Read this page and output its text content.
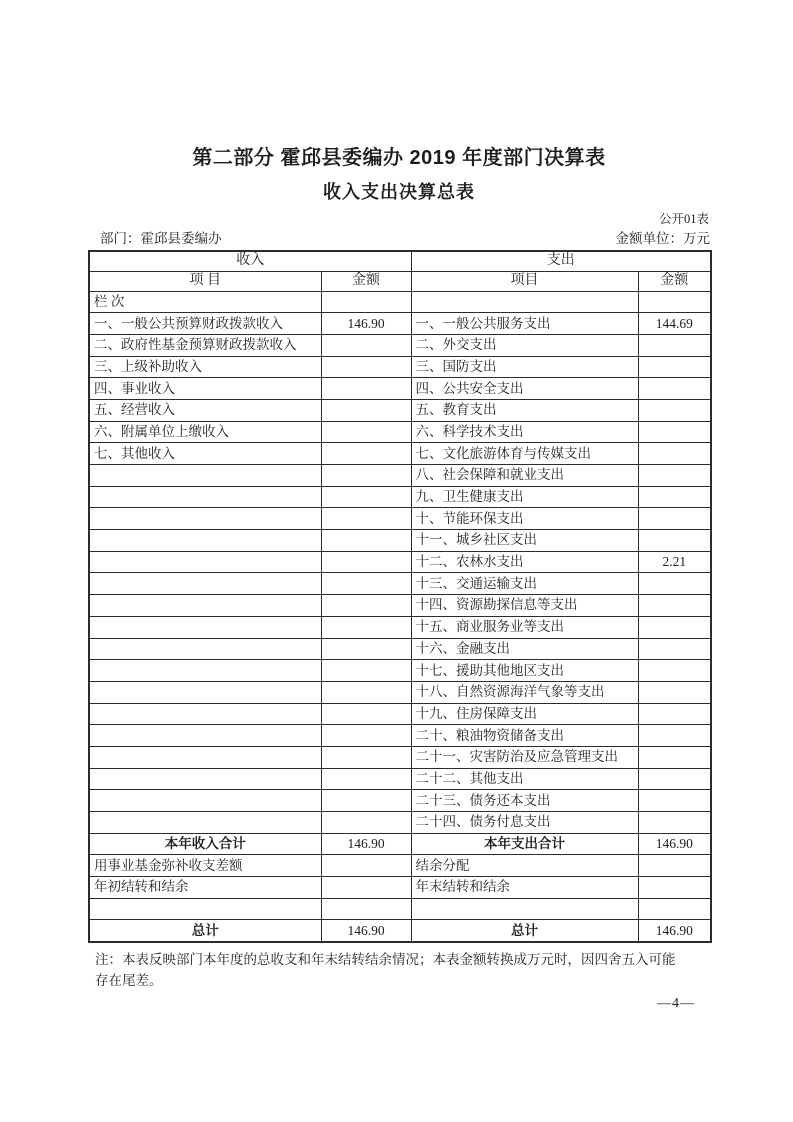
第二部分 霍邱县委编办 2019 年度部门决算表
收入支出决算总表
公开01表
部门：霍邱县委编办	金额单位：万元
收入		支出	
项 目	金额	项目	金额
栏 次			
一、一般公共预算财政拨款收入	146.90	一、一般公共服务支出	144.69
二、政府性基金预算财政拨款收入		二、外交支出	
三、上级补助收入		三、国防支出	
四、事业收入		四、公共安全支出	
五、经营收入		五、教育支出	
六、附属单位上缴收入		六、科学技术支出	
七、其他收入		七、文化旅游体育与传媒支出	
		八、社会保障和就业支出	
		九、卫生健康支出	
		十、节能环保支出	
		十一、城乡社区支出	
		十二、农林水支出	2.21
		十三、交通运输支出	
		十四、资源勘探信息等支出	
		十五、商业服务业等支出	
		十六、金融支出	
		十七、援助其他地区支出	
		十八、自然资源海洋气象等支出	
		十九、住房保障支出	
		二十、粮油物资储备支出	
		二十一、灾害防治及应急管理支出	
		二十二、其他支出	
		二十三、债务还本支出	
		二十四、债务付息支出	
本年收入合计	146.90	本年支出合计	146.90
用事业基金弥补收支差额		结余分配	
年初结转和结余		年末结转和结余	

总计	146.90	总计	146.90
注：本表反映部门本年度的总收支和年末结转结余情况；本表金额转换成万元时，因四舍五入可能
存在尾差。
—4—
